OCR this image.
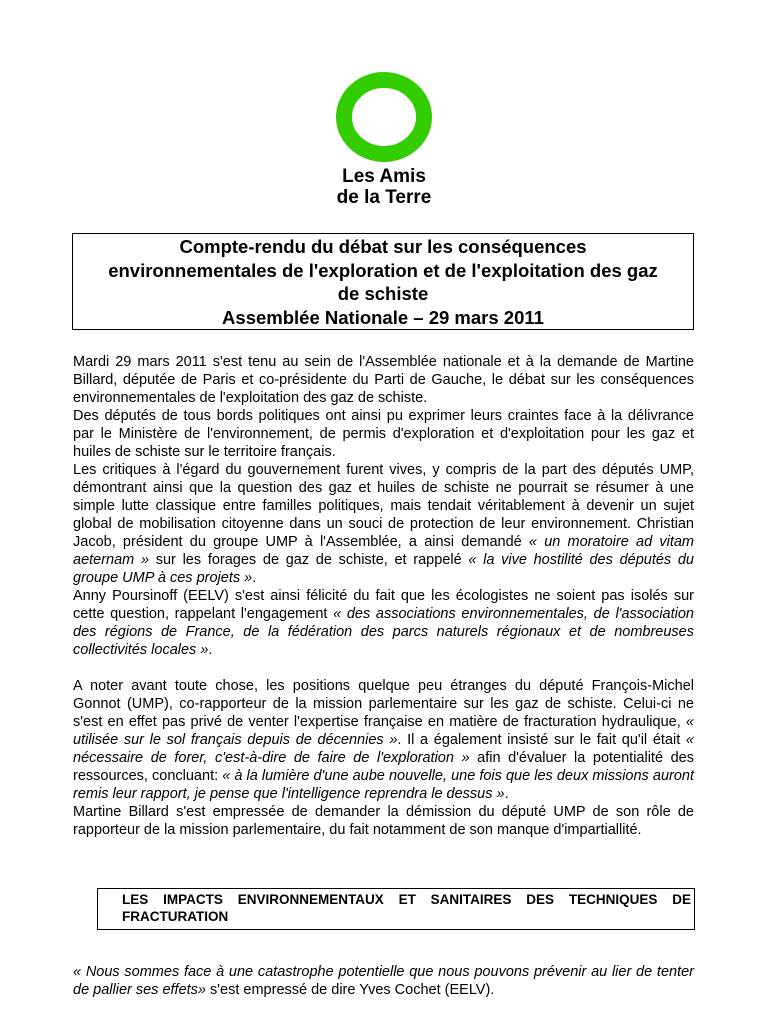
Les Amis
de la Terre
Compte-rendu du débat sur les conséquences
environnementales de l'exploration et de l'exploitation des gaz
de schiste
Assemblée Nationale – 29 mars 2011

Mardi 29 mars 2011 s'est tenu au sein de l'Assemblée nationale et à la demande de Martine Billard, députée de Paris et co-présidente du Parti de Gauche, le débat sur les conséquences environnementales de l'exploitation des gaz de schiste.

Des députés de tous bords politiques ont ainsi pu exprimer leurs craintes face à la délivrance par le Ministère de l'environnement, de permis d'exploration et d'exploitation pour les gaz et huiles de schiste sur le territoire français.

Les critiques à l'égard du gouvernement furent vives, y compris de la part des députés UMP, démontrant ainsi que la question des gaz et huiles de schiste ne pourrait se résumer à une simple lutte classique entre familles politiques, mais tendait véritablement à devenir un sujet global de mobilisation citoyenne dans un souci de protection de leur environnement. Christian Jacob, président du groupe UMP à l'Assemblée, a ainsi demandé « un moratoire ad vitam aeternam » sur les forages de gaz de schiste, et rappelé « la vive hostilité des députés du groupe UMP à ces projets ».

Anny Poursinoff (EELV) s'est ainsi félicité du fait que les écologistes ne soient pas isolés sur cette question, rappelant l'engagement « des associations environnementales, de l'association des régions de France, de la fédération des parcs naturels régionaux et de nombreuses collectivités locales ».

A noter avant toute chose, les positions quelque peu étranges du député François-Michel Gonnot (UMP), co-rapporteur de la mission parlementaire sur les gaz de schiste. Celui-ci ne s'est en effet pas privé de venter l'expertise française en matière de fracturation hydraulique, « utilisée sur le sol français depuis de décennies ». Il a également insisté sur le fait qu'il était « nécessaire de forer, c'est-à-dire de faire de l'exploration » afin d'évaluer la potentialité des ressources, concluant: « à la lumière d'une aube nouvelle, une fois que les deux missions auront remis leur rapport, je pense que l'intelligence reprendra le dessus ».

Martine Billard s'est empressée de demander la démission du député UMP de son rôle de rapporteur de la mission parlementaire, du fait notamment de son manque d'impartiallité.

LES IMPACTS ENVIRONNEMENTAUX ET SANITAIRES DES TECHNIQUES DE FRACTURATION

« Nous sommes face à une catastrophe potentielle que nous pouvons prévenir au lier de tenter de pallier ses effets» s'est empressé de dire Yves Cochet (EELV).
